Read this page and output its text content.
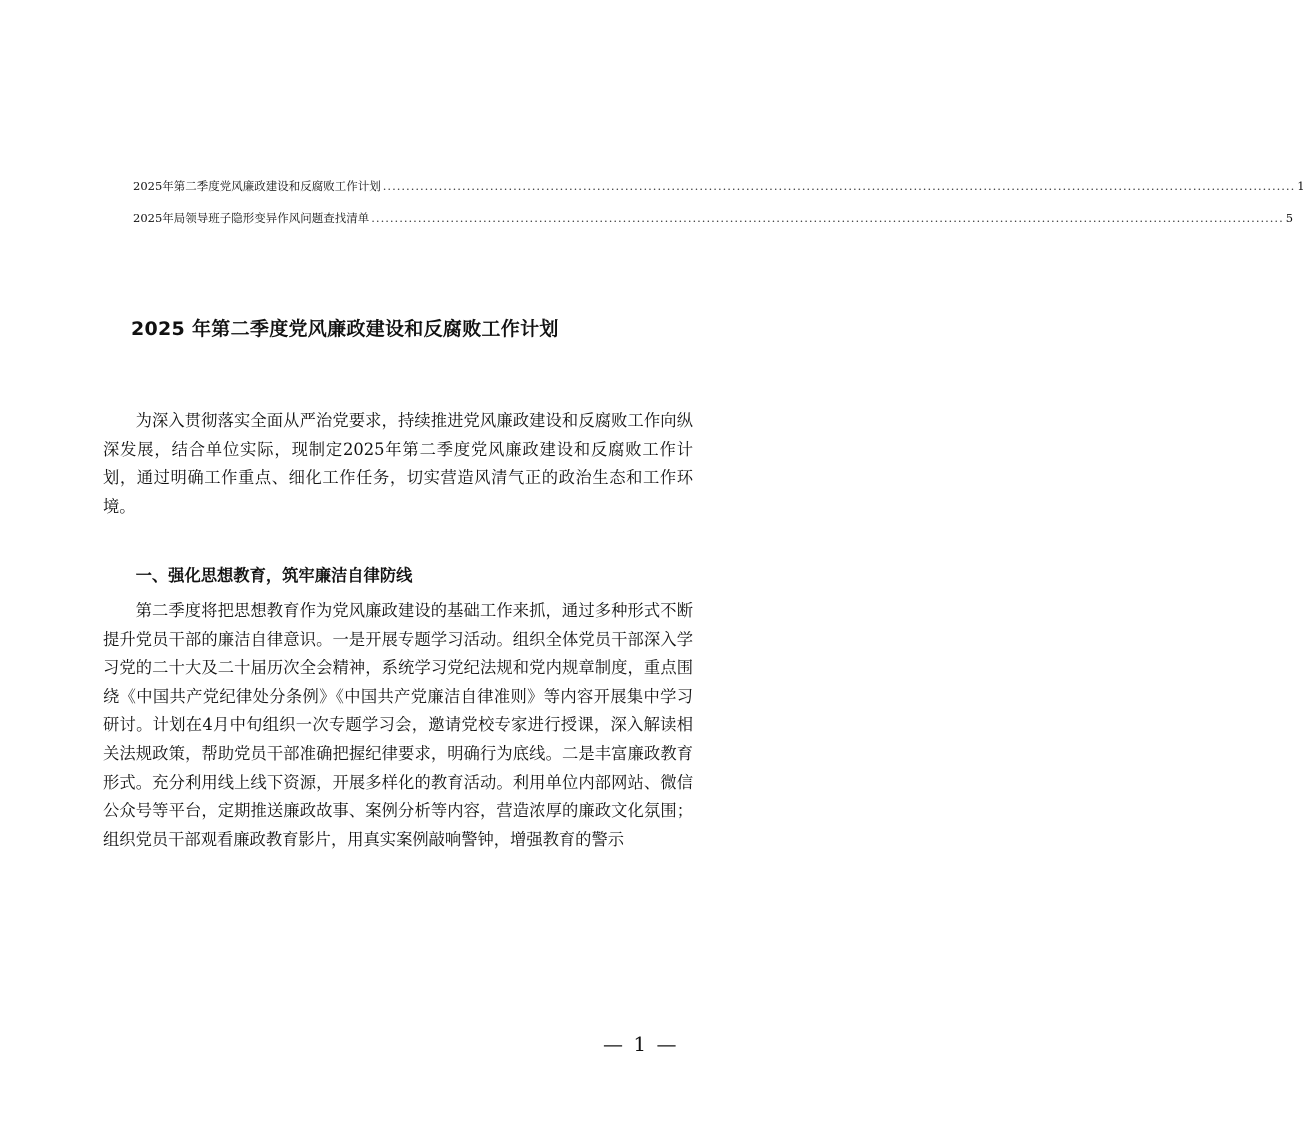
2025年第二季度党风廉政建设和反腐败工作计划 .................................................................................................................................................................................................... 1
2025年局领导班子隐形变异作风问题查找清单 .................................................................................................................................................................................................... 5
2025 年第二季度党风廉政建设和反腐败工作计划

为深入贯彻落实全面从严治党要求，持续推进党风廉政建设和反腐败工作向纵深发展，结合单位实际，现制定2025年第二季度党风廉政建设和反腐败工作计划，通过明确工作重点、细化工作任务，切实营造风清气正的政治生态和工作环境。

一、强化思想教育，筑牢廉洁自律防线

第二季度将把思想教育作为党风廉政建设的基础工作来抓，通过多种形式不断提升党员干部的廉洁自律意识。一是开展专题学习活动。组织全体党员干部深入学习党的二十大及二十届历次全会精神，系统学习党纪法规和党内规章制度，重点围绕《中国共产党纪律处分条例》《中国共产党廉洁自律准则》等内容开展集中学习研讨。计划在4月中旬组织一次专题学习会，邀请党校专家进行授课，深入解读相关法规政策，帮助党员干部准确把握纪律要求，明确行为底线。二是丰富廉政教育形式。充分利用线上线下资源，开展多样化的教育活动。利用单位内部网站、微信公众号等平台，定期推送廉政故事、案例分析等内容，营造浓厚的廉政文化氛围；组织党员干部观看廉政教育影片，用真实案例敲响警钟，增强教育的警示

— 1 —
